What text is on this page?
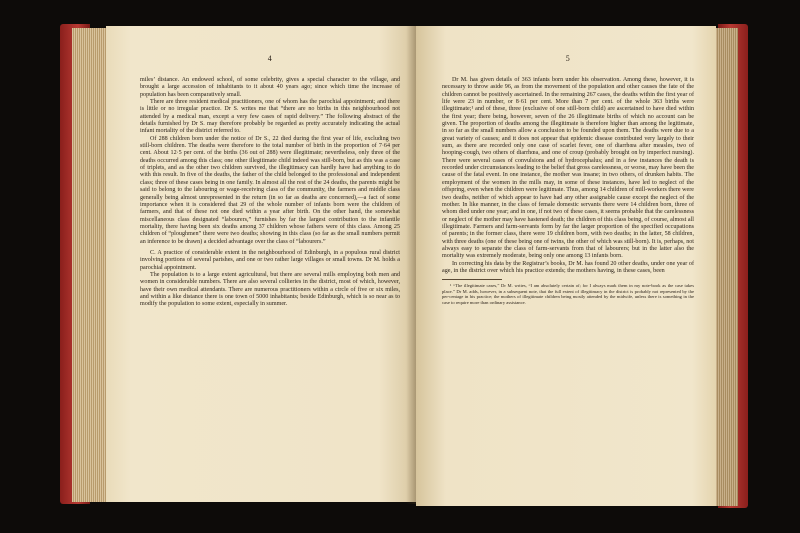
4

miles’ distance. An endowed school, of some celebrity, gives a special character to the village, and brought a large accession of inhabitants to it about 40 years ago; since which time the increase of population has been comparatively small.

There are three resident medical practitioners, one of whom has the parochial appointment; and there is little or no irregular practice. Dr S. writes me that “there are no births in this neighbourhood not attended by a medical man, except a very few cases of rapid delivery.” The following abstract of the details furnished by Dr S. may therefore probably be regarded as pretty accurately indicating the actual infant mortality of the district referred to.

Of 288 children born under the notice of Dr S., 22 died during the first year of life, excluding two still-born children. The deaths were therefore to the total number of birth in the proportion of 7·64 per cent. About 12·5 per cent. of the births (36 out of 288) were illegitimate; nevertheless, only three of the deaths occurred among this class; one other illegitimate child indeed was still-born, but as this was a case of triplets, and as the other two children survived, the illegitimacy can hardly have had anything to do with this result. In five of the deaths, the father of the child belonged to the professional and independent class; three of these cases being in one family. In almost all the rest of the 24 deaths, the parents might be said to belong to the labouring or wage-receiving class of the community, the farmers and middle class generally being almost unrepresented in the return (in so far as deaths are concerned),—a fact of some importance when it is considered that 29 of the whole number of infants born were the children of farmers, and that of these not one died within a year after birth. On the other hand, the somewhat miscellaneous class designated “labourers,” furnishes by far the largest contribution to the infantile mortality, there having been six deaths among 37 children whose fathers were of this class. Among 25 children of “ploughmen” there were two deaths; showing in this class (so far as the small numbers permit an inference to be drawn) a decided advantage over the class of “labourers.”

C. A practice of considerable extent in the neighbourhood of Edinburgh, in a populous rural district involving portions of several parishes, and one or two rather large villages or small towns. Dr M. holds a parochial appointment.

The population is to a large extent agricultural, but there are several mills employing both men and women in considerable numbers. There are also several collieries in the district, most of which, however, have their own medical attendants. There are numerous practitioners within a circle of five or six miles, and within a like distance there is one town of 5000 inhabitants; beside Edinburgh, which is so near as to modify the population to some extent, especially in summer.

5

Dr M. has given details of 363 infants born under his observation. Among these, however, it is necessary to throw aside 96, as from the movement of the population and other causes the fate of the children cannot be positively ascertained. In the remaining 267 cases, the deaths within the first year of life were 23 in number, or 8·61 per cent. More than 7 per cent. of the whole 363 births were illegitimate;¹ and of these, three (exclusive of one still-born child) are ascertained to have died within the first year; there being, however, seven of the 26 illegitimate births of which no account can be given. The proportion of deaths among the illegitimate is therefore higher than among the legitimate, in so far as the small numbers allow a conclusion to be founded upon them. The deaths were due to a great variety of causes; and it does not appear that epidemic disease contributed very largely to their sum, as there are recorded only one case of scarlet fever, one of diarrhœa after measles, two of hooping-cough, two others of diarrhœa, and one of croup (probably brought on by imperfect nursing). There were several cases of convulsions and of hydrocephalus; and in a few instances the death is recorded under circumstances leading to the belief that gross carelessness, or worse, may have been the cause of the fatal event. In one instance, the mother was insane; in two others, of drunken habits. The employment of the women in the mills may, in some of these instances, have led to neglect of the offspring, even when the children were legitimate. Thus, among 14 children of mill-workers there were two deaths, neither of which appear to have had any other assignable cause except the neglect of the mother. In like manner, in the class of female domestic servants there were 14 children born, three of whom died under one year; and in one, if not two of these cases, it seems probable that the carelessness or neglect of the mother may have hastened death; the children of this class being, of course, almost all illegitimate. Farmers and farm-servants form by far the larger proportion of the specified occupations of parents; in the former class, there were 19 children born, with two deaths; in the latter, 58 children, with three deaths (one of these being one of twins, the other of which was still-born). It is, perhaps, not always easy to separate the class of farm-servants from that of labourers; but in the latter also the mortality was extremely moderate, being only one among 13 infants born.

In correcting his data by the Registrar’s books, Dr M. has found 20 other deaths, under one year of age, in the district over which his practice extends; the mothers having, in these cases, been

¹ “The illegitimate cases,” Dr M. writes, “I am absolutely certain of; for I always mark them in my note-book as the case takes place.” Dr M. adds, however, in a subsequent note, that the full extent of illegitimacy in the district is probably not represented by the per-centage in his practice; the mothers of illegitimate children being mostly attended by the midwife, unless there is something in the case to require more than ordinary assistance.
